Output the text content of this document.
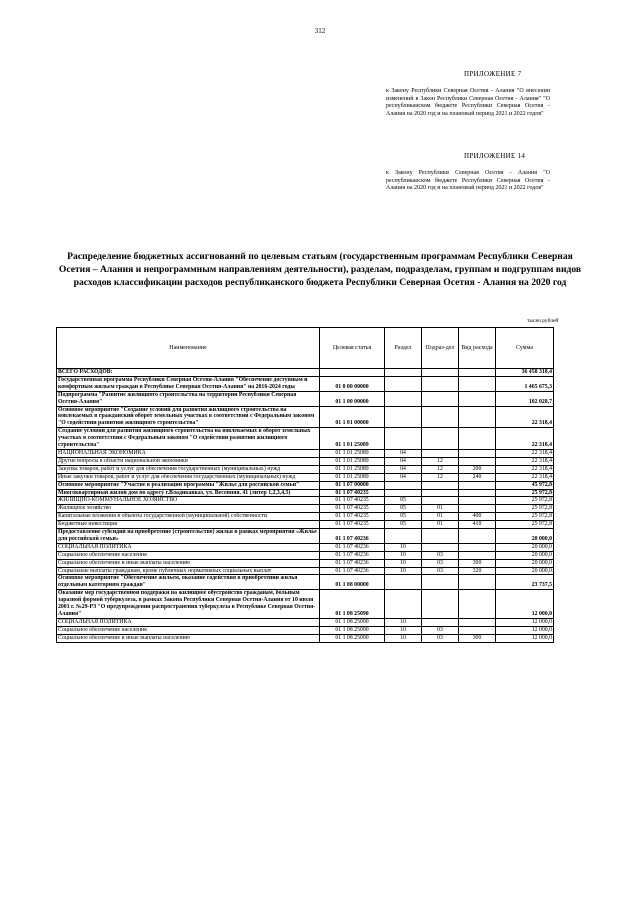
312
ПРИЛОЖЕНИЕ 7
к Закону Республики Северная Осетия - Алания "О внесении изменений в Закон Республики Северная Осетия - Алания" "О республиканском бюджете Республики Северная Осетия - Алания на 2020 год и на плановый период 2021 и 2022 годов"
ПРИЛОЖЕНИЕ 14
к Закону Республики Северная Осетия - Алания "О республиканском бюджете Республики Северная Осетия - Алания на 2020 год и на плановый период 2021 и 2022 годов"
Распределение бюджетных ассигнований по целевым статьям (государственным программам Республики Северная Осетия – Алания и непрограммным направлениям деятельности), разделам, подразделам, группам и подгруппам видов расходов классификации расходов республиканского бюджета Республики Северная Осетия - Алания на 2020 год
тысяч рублей
Наименование	Целевая статья	Раздел	Подраз-дел	Вид расхода	Сумма
ВСЕГО РАСХОДОВ:					36 458 318,4
Государственная программа Республики Северная Осетия-Алания "Обеспечение доступным и комфортным жильем граждан в Республике Северная Осетия-Алания" на 2016-2024 годы	01 0 00 00000				1 465 675,3
Подпрограмма "Развитие жилищного строительства на территории Республики Северная Осетия-Алания"	01 1 00 00000				102 028,7
Основное мероприятие "Создание условий для развития жилищного строительства на вовлекаемых в гражданский оборот земельных участках в соответствии с Федеральным законом "О содействии развитию жилищного строительства"	01 1 01 00000				22 318,4
Создание условий для развития жилищного строительства на вовлекаемых в оборот земельных участках в соответствии с Федеральным законом "О содействии развитию жилищного строительства"	01 1 01 25089				22 318,4
НАЦИОНАЛЬНАЯ ЭКОНОМИКА	01 1 01 25089	04			22 318,4
Другие вопросы в области национальной экономики	01 1 01 25089	04	12		22 318,4
Закупка товаров, работ и услуг для обеспечения государственных (муниципальных) нужд	01 1 01 25089	04	12	200	22 318,4
Иные закупки товаров, работ и услуг для обеспечения государственных (муниципальных) нужд	01 1 01 25089	04	12	240	22 318,4
Основное мероприятие "Участие в реализации программы "Жилье для российской семьи"	01 1 07 00000				45 972,8
Многоквартирный жилой дом по адресу г.Владикавказ, ул. Весенняя, 41 (литер 1,2,3,4,5)	01 1 07 40235				25 972,8
ЖИЛИЩНО-КОММУНАЛЬНОЕ ХОЗЯЙСТВО	01 1 07 40235	05			25 972,8
Жилищное хозяйство	01 1 07 40235	05	01		25 972,8
Капитальные вложения в объекты государственной (муниципальной) собственности	01 1 07 40235	05	01	400	25 972,8
Бюджетные инвестиции	01 1 07 40235	05	01	410	25 972,8
Предоставление субсидий на приобретение (строительство) жилья в рамках мероприятия «Жилье для российской семьи»	01 1 07 40236				20 000,0
СОЦИАЛЬНАЯ ПОЛИТИКА	01 1 07 40236	10			20 000,0
Социальное обеспечение населения	01 1 07 40236	10	03		20 000,0
Социальное обеспечение и иные выплаты населению	01 1 07 40236	10	03	300	20 000,0
Социальные выплаты гражданам, кроме публичных нормативных социальных выплат	01 1 07 40236	10	03	320	20 000,0
Основное мероприятие "Обеспечение жильем, оказание содействия в приобретении жилья отдельным категориям граждан"	01 1 08 00000				23 737,5
Оказание мер государственной поддержки на жилищное обустройство гражданам, больным заразной формой туберкулеза, в рамках Закона Республики Северная Осетия-Алания от 10 июля 2001 г. №29-РЗ "О предупреждении распространения туберкулеза в Республике Северная Осетия-Алания"	01 1 08 25090				12 000,0
СОЦИАЛЬНАЯ ПОЛИТИКА	01 1 08 25090	10			12 000,0
Социальное обеспечение населения	01 1 08 25090	10	03		12 000,0
Социальное обеспечение и иные выплаты населению	01 1 08 25090	10	03	300	12 000,0
